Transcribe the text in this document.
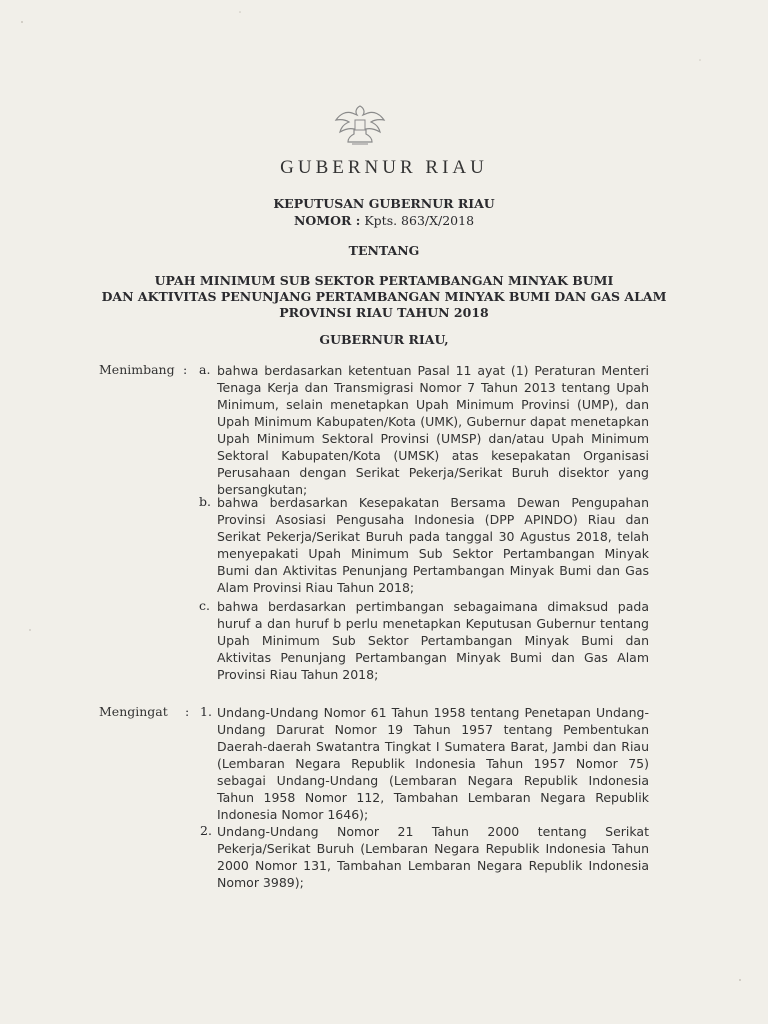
GUBERNUR RIAU
KEPUTUSAN GUBERNUR RIAU
NOMOR : Kpts. 863/X/2018
TENTANG
UPAH MINIMUM SUB SEKTOR PERTAMBANGAN MINYAK BUMI
DAN AKTIVITAS PENUNJANG PERTAMBANGAN MINYAK BUMI DAN GAS ALAM
PROVINSI RIAU TAHUN 2018
GUBERNUR RIAU,
Menimbang : a. bahwa berdasarkan ketentuan Pasal 11 ayat (1) Peraturan Menteri Tenaga Kerja dan Transmigrasi Nomor 7 Tahun 2013 tentang Upah Minimum, selain menetapkan Upah Minimum Provinsi (UMP), dan Upah Minimum Kabupaten/Kota (UMK), Gubernur dapat menetapkan Upah Minimum Sektoral Provinsi (UMSP) dan/atau Upah Minimum Sektoral Kabupaten/Kota (UMSK) atas kesepakatan Organisasi Perusahaan dengan Serikat Pekerja/Serikat Buruh disektor yang bersangkutan;

b. bahwa berdasarkan Kesepakatan Bersama Dewan Pengupahan Provinsi Asosiasi Pengusaha Indonesia (DPP APINDO) Riau dan Serikat Pekerja/Serikat Buruh pada tanggal 30 Agustus 2018, telah menyepakati Upah Minimum Sub Sektor Pertambangan Minyak Bumi dan Aktivitas Penunjang Pertambangan Minyak Bumi dan Gas Alam Provinsi Riau Tahun 2018;

c. bahwa berdasarkan pertimbangan sebagaimana dimaksud pada huruf a dan huruf b perlu menetapkan Keputusan Gubernur tentang Upah Minimum Sub Sektor Pertambangan Minyak Bumi dan Aktivitas Penunjang Pertambangan Minyak Bumi dan Gas Alam Provinsi Riau Tahun 2018;

Mengingat : 1. Undang-Undang Nomor 61 Tahun 1958 tentang Penetapan Undang-Undang Darurat Nomor 19 Tahun 1957 tentang Pembentukan Daerah-daerah Swatantra Tingkat I Sumatera Barat, Jambi dan Riau (Lembaran Negara Republik Indonesia Tahun 1957 Nomor 75) sebagai Undang-Undang (Lembaran Negara Republik Indonesia Tahun 1958 Nomor 112, Tambahan Lembaran Negara Republik Indonesia Nomor 1646);

2. Undang-Undang Nomor 21 Tahun 2000 tentang Serikat Pekerja/Serikat Buruh (Lembaran Negara Republik Indonesia Tahun 2000 Nomor 131, Tambahan Lembaran Negara Republik Indonesia Nomor 3989);
